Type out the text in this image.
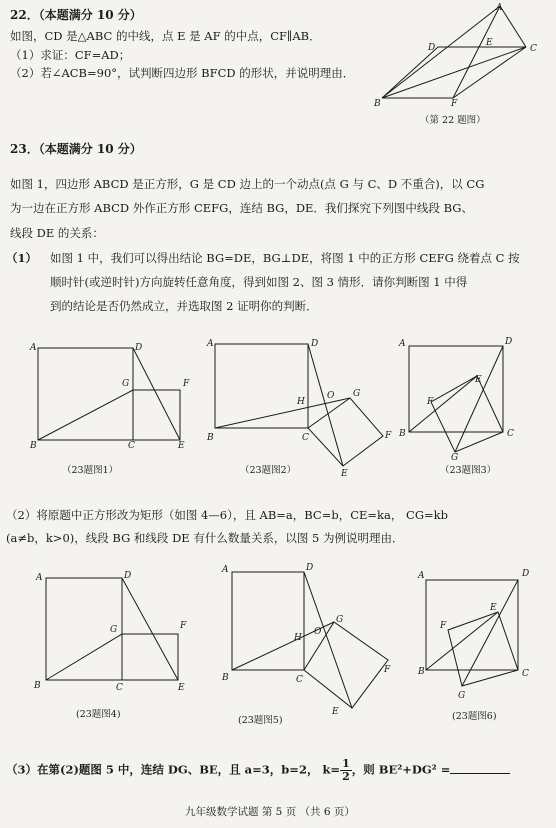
22．（本题满分 10 分）
如图，CD 是△ABC 的中线，点 E 是 AF 的中点，CF∥AB．
（1）求证：CF=AD；
（2）若∠ACB=90°，试判断四边形 BFCD 的形状，并说明理由．
A
D	E
C
B	F
（第 22 题图）
23．（本题满分 10 分）
如图 1，四边形 ABCD 是正方形，G 是 CD 边上的一个动点(点 G 与 C、D 不重合)，以 CG
为一边在正方形 ABCD 外作正方形 CEFG，连结 BG，DE．我们探究下列图中线段 BG、
线段 DE 的关系：
（1） 如图 1 中，我们可以得出结论 BG=DE，BG⊥DE，将图 1 中的正方形 CEFG 绕着点 C 按
顺时针(或逆时针)方向旋转任意角度，得到如图 2、图 3 情形．请你判断图 1 中得
到的结论是否仍然成立，并选取图 2 证明你的判断．
A	D
G	F
B	C	E
（23题图1）
A	D
H
O G
F
B	C
E
（23题图2）
A	D
E
F
B	C
G
（23题图3）
（2）将原题中正方形改为矩形（如图 4—6），且 AB=a，BC=b，CE=ka， CG=kb
(a≠b，k>0)，线段 BG 和线段 DE 有什么数量关系，以图 5 为例说明理由．
A	D
G	F
B	C	E
(23题图4)
A	D
H
O
G
F
B	C
E
(23题图5)
A	D
E
F
B	C
G
(23题图6)
（3）在第(2)题图 5 中，连结 DG、BE，且 a=3，b=2， $k= \frac{1}{2}$ ，则 BE²+DG² =
九年级数学试题 第 5 页 （共 6 页）
